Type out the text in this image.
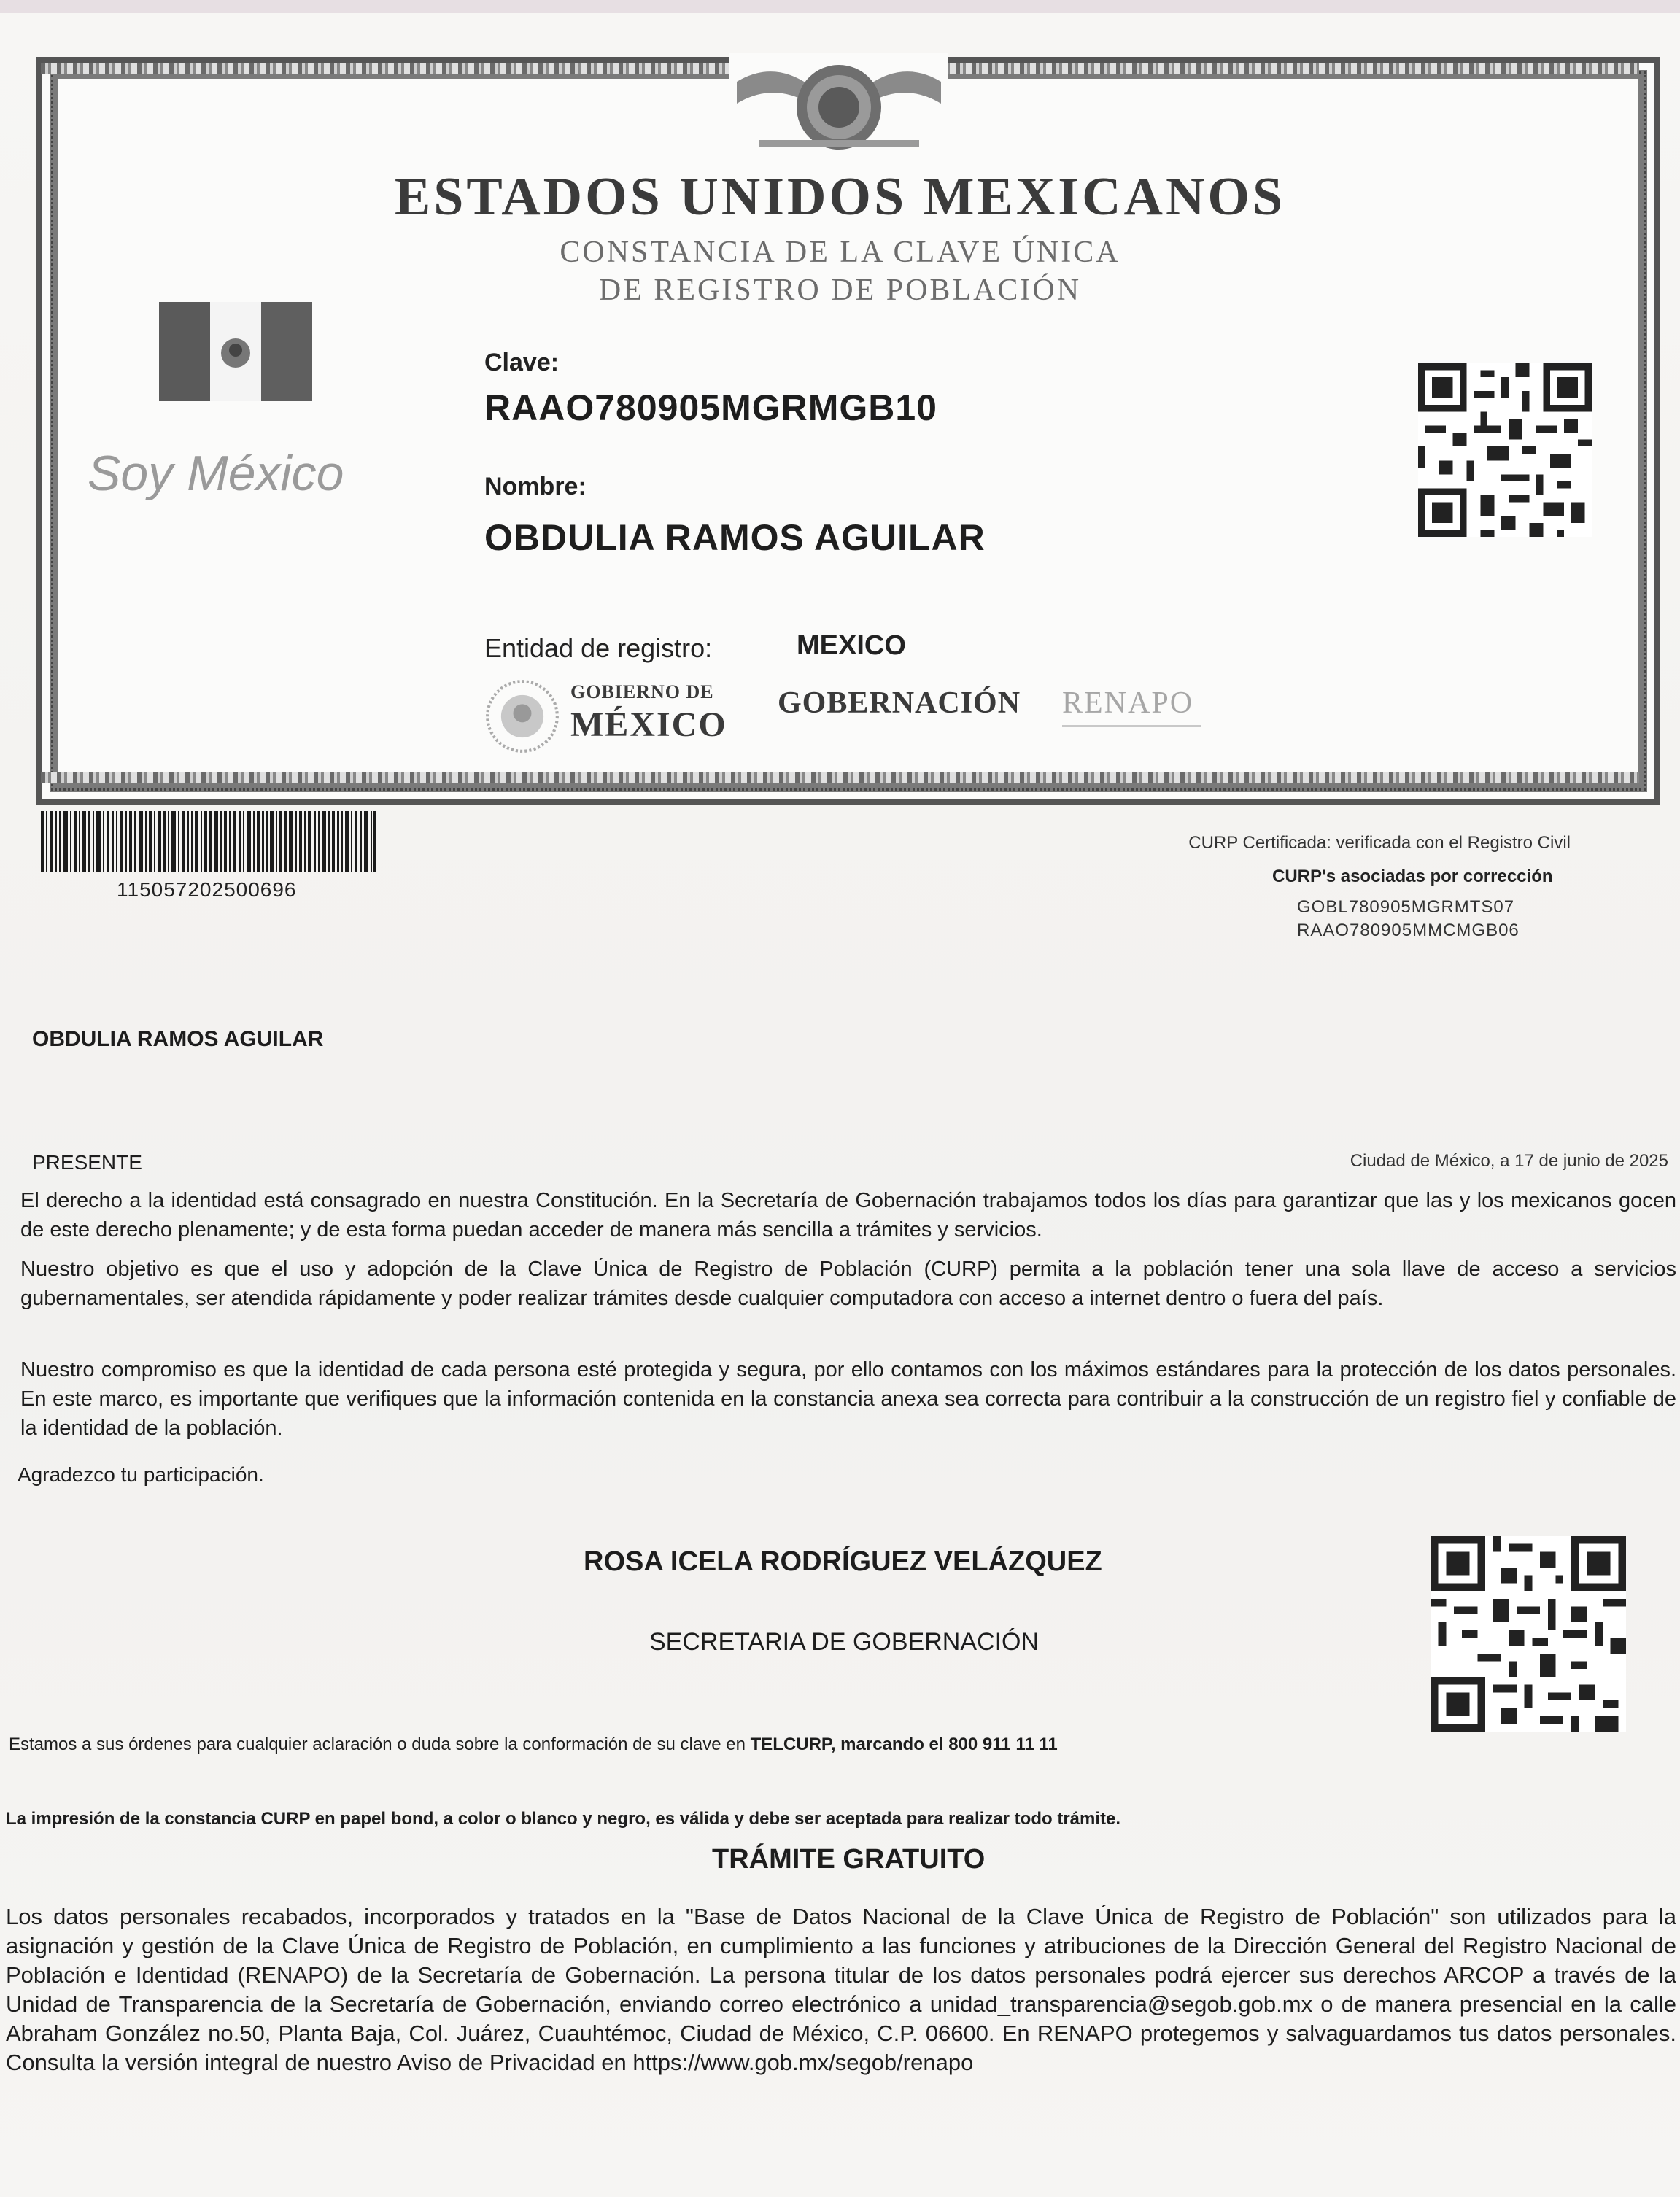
ESTADOS UNIDOS MEXICANOS
CONSTANCIA DE LA CLAVE ÚNICA
DE REGISTRO DE POBLACIÓN
Soy México
Clave:
RAAO780905MGRMGB10
Nombre:
OBDULIA RAMOS AGUILAR
Entidad de registro:	MEXICO
GOBIERNO DE
MÉXICO
GOBERNACIÓN RENAPO
115057202500696
CURP Certificada: verificada con el Registro Civil
CURP's asociadas por corrección
GOBL780905MGRMTS07
RAAO780905MMCMGB06
OBDULIA RAMOS AGUILAR
PRESENTE	Ciudad de México, a 17 de junio de 2025
El derecho a la identidad está consagrado en nuestra Constitución. En la Secretaría de Gobernación trabajamos todos los días para garantizar que las y los mexicanos gocen de este derecho plenamente; y de esta forma puedan acceder de manera más sencilla a trámites y servicios.
Nuestro objetivo es que el uso y adopción de la Clave Única de Registro de Población (CURP) permita a la población tener una sola llave de acceso a servicios gubernamentales, ser atendida rápidamente y poder realizar trámites desde cualquier computadora con acceso a internet dentro o fuera del país.
Nuestro compromiso es que la identidad de cada persona esté protegida y segura, por ello contamos con los máximos estándares para la protección de los datos personales. En este marco, es importante que verifiques que la información contenida en la constancia anexa sea correcta para contribuir a la construcción de un registro fiel y confiable de la identidad de la población.
Agradezco tu participación.
ROSA ICELA RODRÍGUEZ VELÁZQUEZ
SECRETARIA DE GOBERNACIÓN
Estamos a sus órdenes para cualquier aclaración o duda sobre la conformación de su clave en TELCURP, marcando el 800 911 11 11
La impresión de la constancia CURP en papel bond, a color o blanco y negro, es válida y debe ser aceptada para realizar todo trámite.
TRÁMITE GRATUITO
Los datos personales recabados, incorporados y tratados en la "Base de Datos Nacional de la Clave Única de Registro de Población" son utilizados para la asignación y gestión de la Clave Única de Registro de Población, en cumplimiento a las funciones y atribuciones de la Dirección General del Registro Nacional de Población e Identidad (RENAPO) de la Secretaría de Gobernación. La persona titular de los datos personales podrá ejercer sus derechos ARCOP a través de la Unidad de Transparencia de la Secretaría de Gobernación, enviando correo electrónico a unidad_transparencia@segob.gob.mx o de manera presencial en la calle Abraham González no.50, Planta Baja, Col. Juárez, Cuauhtémoc, Ciudad de México, C.P. 06600. En RENAPO protegemos y salvaguardamos tus datos personales. Consulta la versión integral de nuestro Aviso de Privacidad en https://www.gob.mx/segob/renapo
